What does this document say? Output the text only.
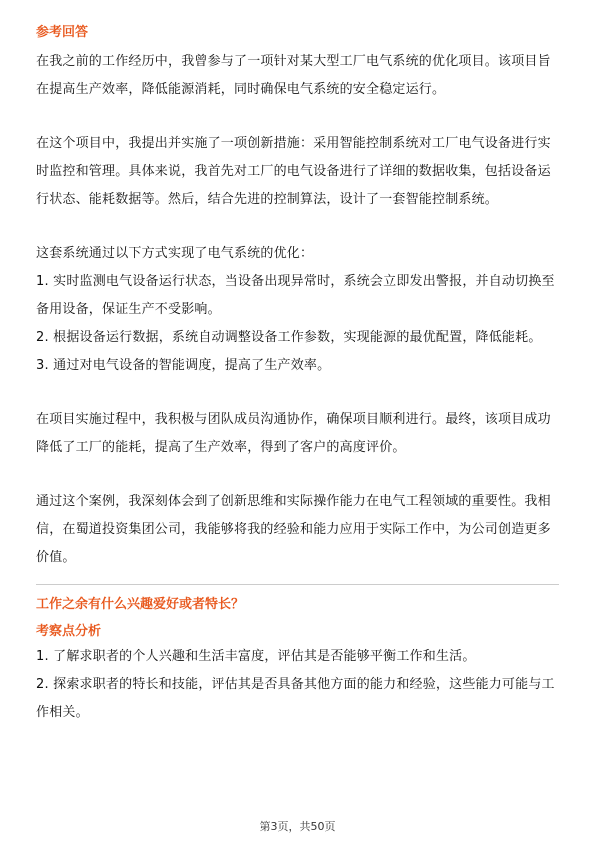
参考回答

在我之前的工作经历中，我曾参与了一项针对某大型工厂电气系统的优化项目。该项目旨在提高生产效率，降低能源消耗，同时确保电气系统的安全稳定运行。

在这个项目中，我提出并实施了一项创新措施：采用智能控制系统对工厂电气设备进行实时监控和管理。具体来说，我首先对工厂的电气设备进行了详细的数据收集，包括设备运行状态、能耗数据等。然后，结合先进的控制算法，设计了一套智能控制系统。

这套系统通过以下方式实现了电气系统的优化：

1. 实时监测电气设备运行状态，当设备出现异常时，系统会立即发出警报，并自动切换至备用设备，保证生产不受影响。

2. 根据设备运行数据，系统自动调整设备工作参数，实现能源的最优配置，降低能耗。

3. 通过对电气设备的智能调度，提高了生产效率。

在项目实施过程中，我积极与团队成员沟通协作，确保项目顺利进行。最终，该项目成功降低了工厂的能耗，提高了生产效率，得到了客户的高度评价。

通过这个案例，我深刻体会到了创新思维和实际操作能力在电气工程领域的重要性。我相信，在蜀道投资集团公司，我能够将我的经验和能力应用于实际工作中，为公司创造更多价值。

工作之余有什么兴趣爱好或者特长？

考察点分析

1. 了解求职者的个人兴趣和生活丰富度，评估其是否能够平衡工作和生活。

2. 探索求职者的特长和技能，评估其是否具备其他方面的能力和经验，这些能力可能与工作相关。

第3页，共50页
